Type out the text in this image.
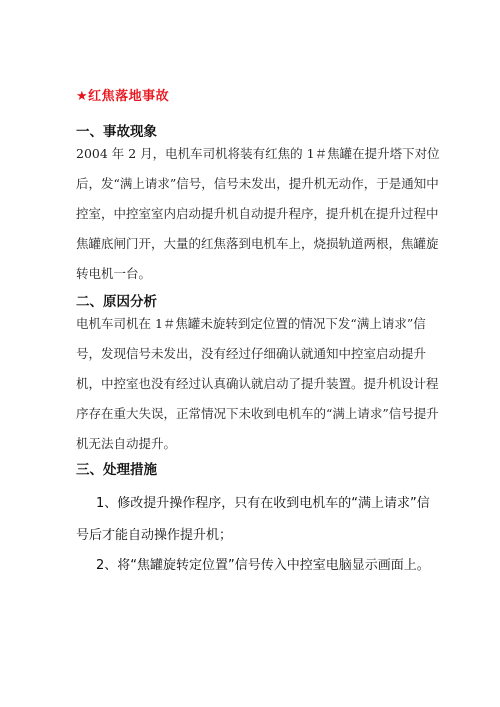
★红焦落地事故
一、事故现象
2004 年 2 月，电机车司机将装有红焦的 1＃焦罐在提升塔下对位
后，发“满上请求”信号，信号未发出，提升机无动作，于是通知中
控室，中控室室内启动提升机自动提升程序，提升机在提升过程中
焦罐底闸门开，大量的红焦落到电机车上，烧损轨道两根，焦罐旋
转电机一台。
二、原因分析
电机车司机在 1＃焦罐未旋转到定位置的情况下发“满上请求”信
号，发现信号未发出，没有经过仔细确认就通知中控室启动提升
机，中控室也没有经过认真确认就启动了提升装置。提升机设计程
序存在重大失误，正常情况下未收到电机车的“满上请求”信号提升
机无法自动提升。
三、处理措施
1、修改提升操作程序，只有在收到电机车的“满上请求”信
号后才能自动操作提升机；
2、将“焦罐旋转定位置”信号传入中控室电脑显示画面上。
